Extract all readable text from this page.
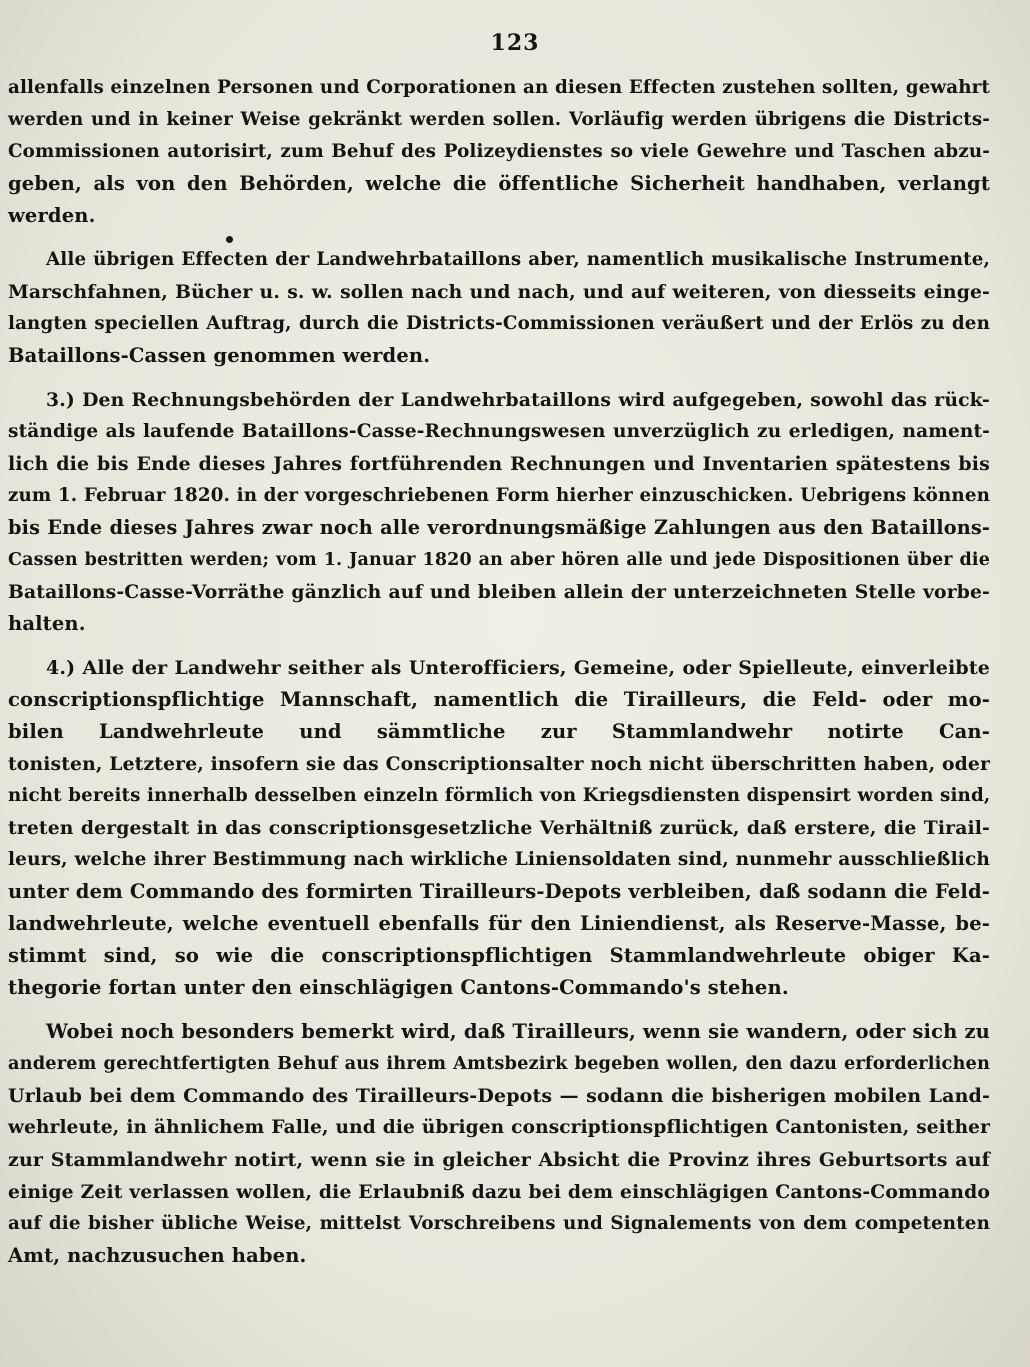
123
allenfalls einzelnen Personen und Corporationen an diesen Effecten zustehen sollten, gewahrt
werden und in keiner Weise gekränkt werden sollen. Vorläufig werden übrigens die Districts-
Commissionen autorisirt, zum Behuf des Polizeydienstes so viele Gewehre und Taschen abzu-
geben, als von den Behörden, welche die öffentliche Sicherheit handhaben, verlangt
werden.
Alle übrigen Effecten der Landwehrbataillons aber, namentlich musikalische Instrumente,
Marschfahnen, Bücher u. s. w. sollen nach und nach, und auf weiteren, von diesseits einge-
langten speciellen Auftrag, durch die Districts-Commissionen veräußert und der Erlös zu den
Bataillons-Cassen genommen werden.
3.) Den Rechnungsbehörden der Landwehrbataillons wird aufgegeben, sowohl das rück-
ständige als laufende Bataillons-Casse-Rechnungswesen unverzüglich zu erledigen, nament-
lich die bis Ende dieses Jahres fortführenden Rechnungen und Inventarien spätestens bis
zum 1. Februar 1820. in der vorgeschriebenen Form hierher einzuschicken. Uebrigens können
bis Ende dieses Jahres zwar noch alle verordnungsmäßige Zahlungen aus den Bataillons-
Cassen bestritten werden; vom 1. Januar 1820 an aber hören alle und jede Dispositionen über die
Bataillons-Casse-Vorräthe gänzlich auf und bleiben allein der unterzeichneten Stelle vorbe-
halten.
4.) Alle der Landwehr seither als Unterofficiers, Gemeine, oder Spielleute, einverleibte
conscriptionspflichtige Mannschaft, namentlich die Tirailleurs, die Feld- oder mo-
bilen Landwehrleute und sämmtliche zur Stammlandwehr notirte Can-
tonisten, Letztere, insofern sie das Conscriptionsalter noch nicht überschritten haben, oder
nicht bereits innerhalb desselben einzeln förmlich von Kriegsdiensten dispensirt worden sind,
treten dergestalt in das conscriptionsgesetzliche Verhältniß zurück, daß erstere, die Tirail-
leurs, welche ihrer Bestimmung nach wirkliche Liniensoldaten sind, nunmehr ausschließlich
unter dem Commando des formirten Tirailleurs-Depots verbleiben, daß sodann die Feld-
landwehrleute, welche eventuell ebenfalls für den Liniendienst, als Reserve-Masse, be-
stimmt sind, so wie die conscriptionspflichtigen Stammlandwehrleute obiger Ka-
thegorie fortan unter den einschlägigen Cantons-Commando's stehen.
Wobei noch besonders bemerkt wird, daß Tirailleurs, wenn sie wandern, oder sich zu
anderem gerechtfertigten Behuf aus ihrem Amtsbezirk begeben wollen, den dazu erforderlichen
Urlaub bei dem Commando des Tirailleurs-Depots — sodann die bisherigen mobilen Land-
wehrleute, in ähnlichem Falle, und die übrigen conscriptionspflichtigen Cantonisten, seither
zur Stammlandwehr notirt, wenn sie in gleicher Absicht die Provinz ihres Geburtsorts auf
einige Zeit verlassen wollen, die Erlaubniß dazu bei dem einschlägigen Cantons-Commando
auf die bisher übliche Weise, mittelst Vorschreibens und Signalements von dem competenten
Amt, nachzusuchen haben.
